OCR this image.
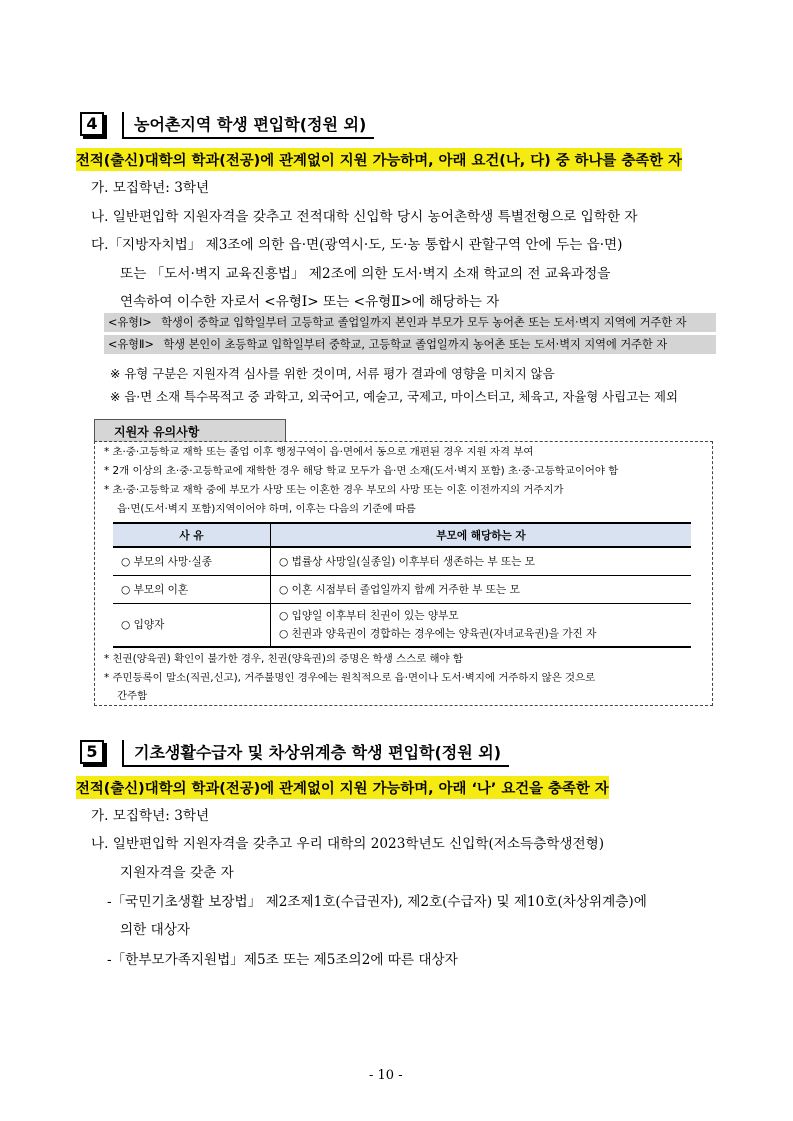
4	농어촌지역 학생 편입학(정원 외)
전적(출신)대학의 학과(전공)에 관계없이 지원 가능하며, 아래 요건(나, 다) 중 하나를 충족한 자
가. 모집학년: 3학년
나. 일반편입학 지원자격을 갖추고 전적대학 신입학 당시 농어촌학생 특별전형으로 입학한 자
다.「지방자치법」 제3조에 의한 읍·면(광역시·도, 도·농 통합시 관할구역 안에 두는 읍·면)
또는 「도서·벽지 교육진흥법」 제2조에 의한 도서·벽지 소재 학교의 전 교육과정을
연속하여 이수한 자로서 <유형Ⅰ> 또는 <유형Ⅱ>에 해당하는 자
<유형Ⅰ> 학생이 중학교 입학일부터 고등학교 졸업일까지 본인과 부모가 모두 농어촌 또는 도서·벽지 지역에 거주한 자
<유형Ⅱ> 학생 본인이 초등학교 입학일부터 중학교, 고등학교 졸업일까지 농어촌 또는 도서·벽지 지역에 거주한 자
※ 유형 구분은 지원자격 심사를 위한 것이며, 서류 평가 결과에 영향을 미치지 않음
※ 읍·면 소재 특수목적고 중 과학고, 외국어고, 예술고, 국제고, 마이스터고, 체육고, 자율형 사립고는 제외
지원자 유의사항
* 초·중·고등학교 재학 또는 졸업 이후 행정구역이 읍·면에서 동으로 개편된 경우 지원 자격 부여
* 2개 이상의 초·중·고등학교에 재학한 경우 해당 학교 모두가 읍·면 소재(도서·벽지 포함) 초·중·고등학교이어야 함
* 초·중·고등학교 재학 중에 부모가 사망 또는 이혼한 경우 부모의 사망 또는 이혼 이전까지의 거주지가
읍·면(도서·벽지 포함)지역이어야 하며, 이후는 다음의 기준에 따름
사 유	부모에 해당하는 자
○ 부모의 사망·실종	○ 법률상 사망일(실종일) 이후부터 생존하는 부 또는 모
○ 부모의 이혼	○ 이혼 시점부터 졸업일까지 함께 거주한 부 또는 모
○ 입양자	○ 입양일 이후부터 친권이 있는 양부모
○ 친권과 양육권이 경합하는 경우에는 양육권(자녀교육권)을 가진 자
* 친권(양육권) 확인이 불가한 경우, 친권(양육권)의 증명은 학생 스스로 해야 함
* 주민등록이 말소(직권,신고), 거주불명인 경우에는 원칙적으로 읍·면이나 도서·벽지에 거주하지 않은 것으로
간주함
5	기초생활수급자 및 차상위계층 학생 편입학(정원 외)
전적(출신)대학의 학과(전공)에 관계없이 지원 가능하며, 아래 ‘나’ 요건을 충족한 자
가. 모집학년: 3학년
나. 일반편입학 지원자격을 갖추고 우리 대학의 2023학년도 신입학(저소득층학생전형)
지원자격을 갖춘 자
-「국민기초생활 보장법」 제2조제1호(수급권자), 제2호(수급자) 및 제10호(차상위계층)에
의한 대상자
-「한부모가족지원법」제5조 또는 제5조의2에 따른 대상자
- 10 -
